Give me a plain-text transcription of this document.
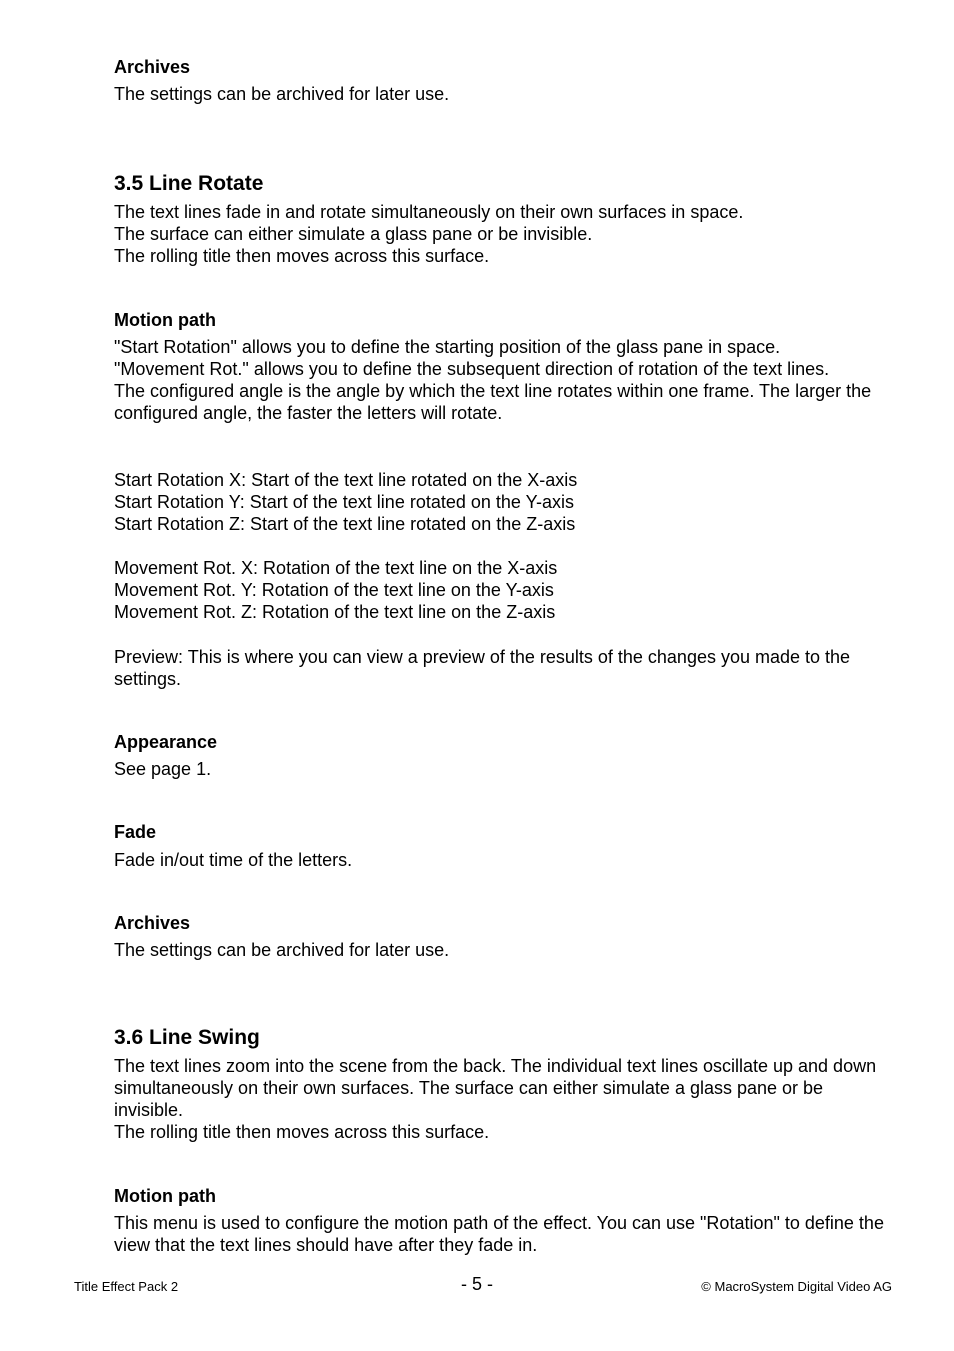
Archives
The settings can be archived for later use.
3.5 Line Rotate
The text lines fade in and rotate simultaneously on their own surfaces in space.
The surface can either simulate a glass pane or be invisible.
The rolling title then moves across this surface.
Motion path
"Start Rotation" allows you to define the starting position of the glass pane in space.
"Movement Rot." allows you to define the subsequent direction of rotation of the text lines.
The configured angle is the angle by which the text line rotates within one frame. The larger the configured angle, the faster the letters will rotate.
Start Rotation X: Start of the text line rotated on the X-axis
Start Rotation Y: Start of the text line rotated on the Y-axis
Start Rotation Z: Start of the text line rotated on the Z-axis
Movement Rot. X: Rotation of the text line on the X-axis
Movement Rot. Y: Rotation of the text line on the Y-axis
Movement Rot. Z: Rotation of the text line on the Z-axis
Preview: This is where you can view a preview of the results of the changes you made to the settings.
Appearance
See page 1.
Fade
Fade in/out time of the letters.
Archives
The settings can be archived for later use.
3.6 Line Swing
The text lines zoom into the scene from the back. The individual text lines oscillate up and down simultaneously on their own surfaces. The surface can either simulate a glass pane or be invisible.
The rolling title then moves across this surface.
Motion path
This menu is used to configure the motion path of the effect. You can use "Rotation" to define the view that the text lines should have after they fade in.
Title Effect Pack 2	- 5 -	© MacroSystem Digital Video AG
